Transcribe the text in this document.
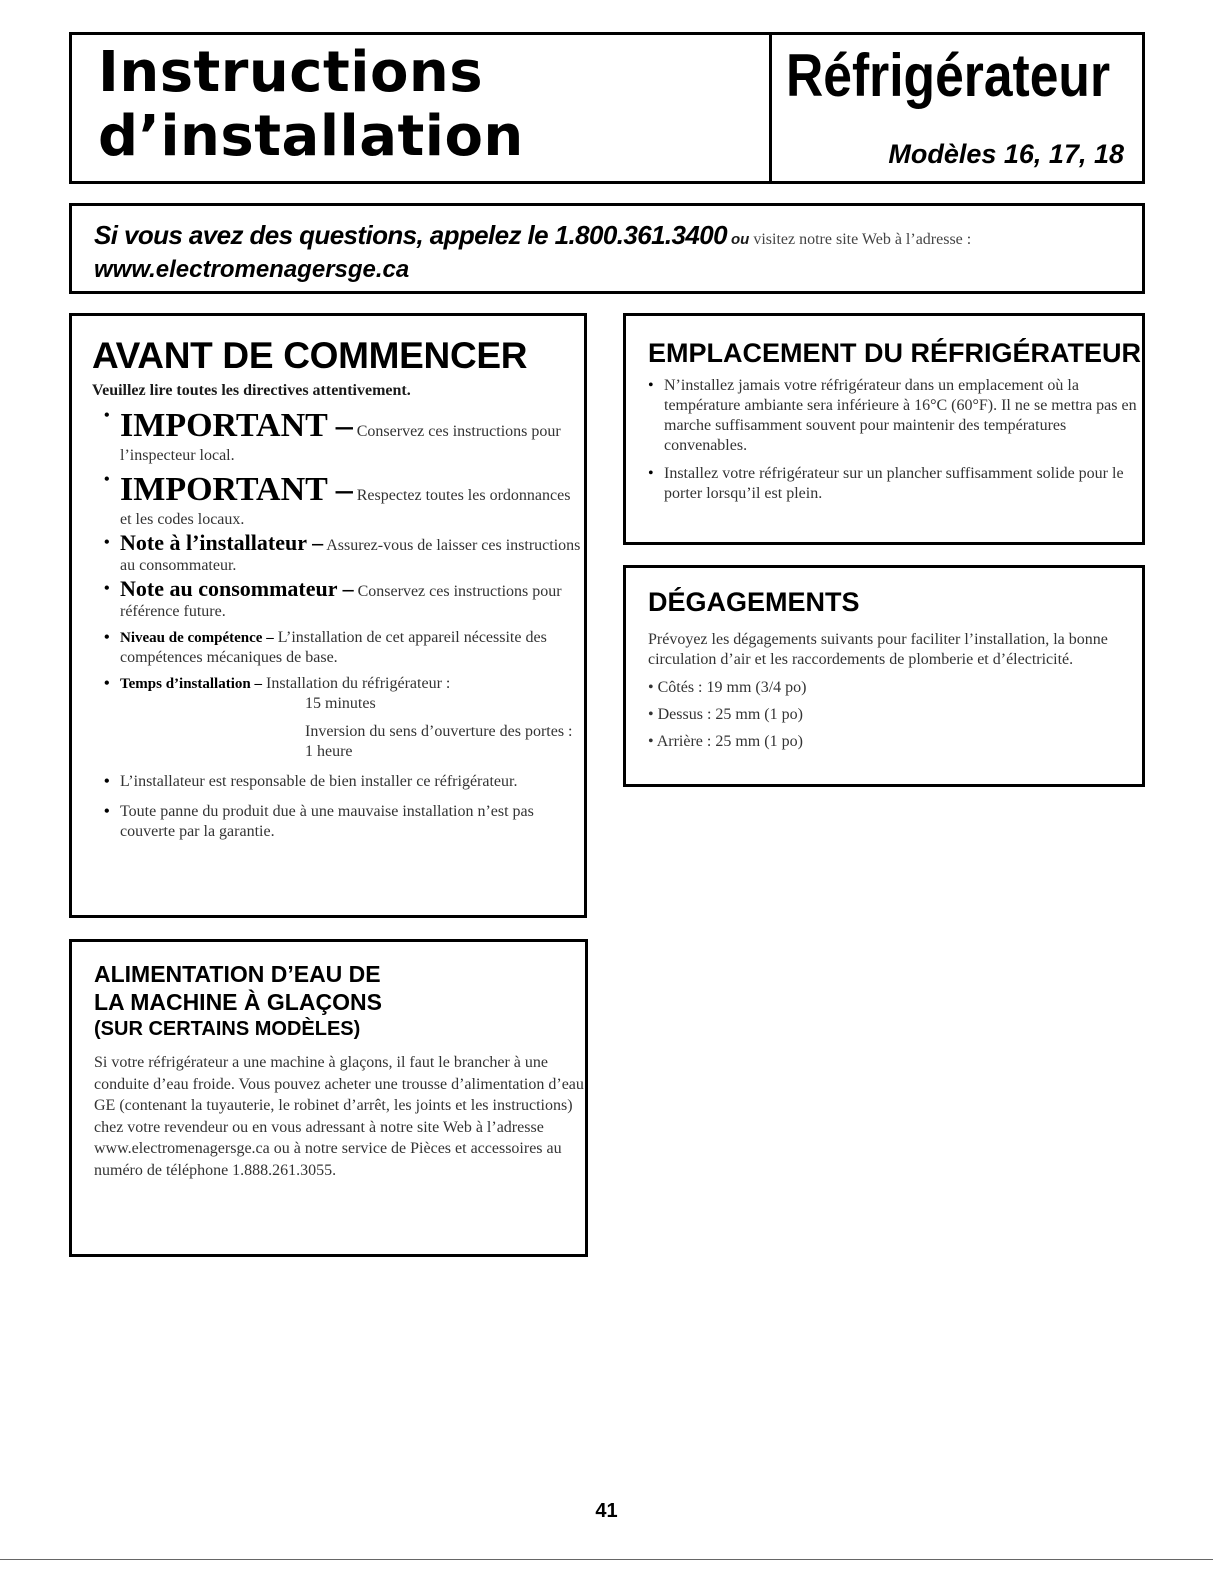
Instructions
d’installation
Réfrigérateur

Modèles 16, 17, 18

Si vous avez des questions, appelez le 1.800.361.3400 ou visitez notre site Web à l’adresse :

www.electromenagersge.ca

AVANT DE COMMENCER

Veuillez lire toutes les directives attentivement.

• IMPORTANT – Conservez ces instructions pour l’inspecteur local.
• IMPORTANT – Respectez toutes les ordonnances et les codes locaux.
• Note à l’installateur – Assurez-vous de laisser ces instructions au consommateur.
• Note au consommateur – Conservez ces instructions pour référence future.
• Niveau de compétence – L’installation de cet appareil nécessite des compétences mécaniques de base.
• Temps d’installation – Installation du réfrigérateur :
15 minutes
Inversion du sens d’ouverture des portes :
1 heure
• L’installateur est responsable de bien installer ce réfrigérateur.
• Toute panne du produit due à une mauvaise installation n’est pas couverte par la garantie.
EMPLACEMENT DU RÉFRIGÉRATEUR
• N’installez jamais votre réfrigérateur dans un emplacement où la température ambiante sera inférieure à 16°C (60°F). Il ne se mettra pas en marche suffisamment souvent pour maintenir des températures convenables.
• Installez votre réfrigérateur sur un plancher suffisamment solide pour le porter lorsqu’il est plein.
DÉGAGEMENTS

Prévoyez les dégagements suivants pour faciliter l’installation, la bonne circulation d’air et les raccordements de plomberie et d’électricité.

• Côtés : 19 mm (3/4 po)
• Dessus : 25 mm (1 po)
• Arrière : 25 mm (1 po)
ALIMENTATION D’EAU DE
LA MACHINE À GLAÇONS
(SUR CERTAINS MODÈLES)

Si votre réfrigérateur a une machine à glaçons, il faut le brancher à une conduite d’eau froide. Vous pouvez acheter une trousse d’alimentation d’eau GE (contenant la tuyauterie, le robinet d’arrêt, les joints et les instructions) chez votre revendeur ou en vous adressant à notre site Web à l’adresse www.electromenagersge.ca ou à notre service de Pièces et accessoires au numéro de téléphone 1.888.261.3055.

41
